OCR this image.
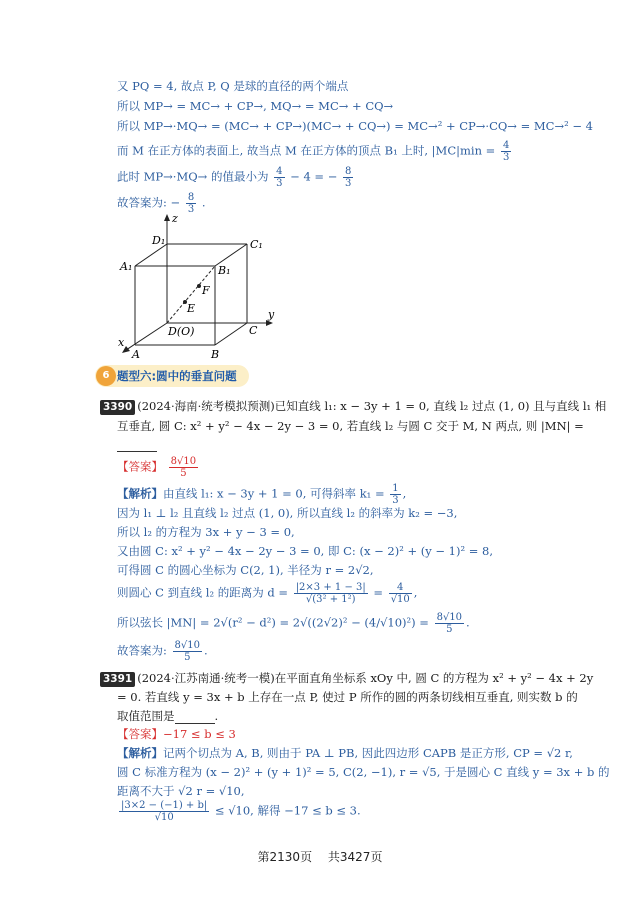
又 PQ = 4, 故点 P, Q 是球的直径的两个端点
所以 MP→ = MC→ + CP→, MQ→ = MC→ + CQ→
所以 MP→·MQ→ = (MC→ + CP→)(MC→ + CQ→) = MC→² + CP→·CQ→ = MC→² − 4
而 M 在正方体的表面上, 故当点 M 在正方体的顶点 B₁ 上时, $|MC|\min = \frac{4}{3}$
此时 MP→·MQ→ 的值最小为 $\frac{4}{3} - 4$ = − $\frac{8}{3}$
故答案为: − $\frac{8}{3}$ .
z
y
x
D₁	C₁
A₁	B₁
F
E
D(O)	C
A	B
题型六:圆中的垂直问题
6
3390 (2024·海南·统考模拟预测)已知直线 l₁: x − 3y + 1 = 0, 直线 l₂ 过点 (1, 0) 且与直线 l₁ 相
互垂直, 圆 C: x² + y² − 4x − 2y − 3 = 0, 若直线 l₂ 与圆 C 交于 M, N 两点, 则 |MN| =
【答案】 $\frac{8√10}{5}$
【解析】由直线 l₁: x − 3y + 1 = 0, 可得斜率 $k_1 = \frac{1}{3}$ ,
因为 l₁ ⊥ l₂ 且直线 l₂ 过点 (1, 0), 所以直线 l₂ 的斜率为 k₂ = −3,
所以 l₂ 的方程为 3x + y − 3 = 0,
又由圆 C: x² + y² − 4x − 2y − 3 = 0, 即 C: (x − 2)² + (y − 1)² = 8,
可得圆 C 的圆心坐标为 C(2, 1), 半径为 r = 2√2,
则圆心 C 到直线 l₂ 的距离为 $d = \frac{|2\times 3 + 1 - 3|}{\text{√(3² + 1²)}} = \frac{4}{√10}$ ,
所以弦长 $|MN| = 2√(r^2 - d^2) = 2√((2√2)^2 - (4/√10)^2) = \frac{8√10}{5}$ .
故答案为: $\frac{8√10}{5}$ .
3391 (2024·江苏南通·统考一模)在平面直角坐标系 xOy 中, 圆 C 的方程为 x² + y² − 4x + 2y
= 0. 若直线 y = 3x + b 上存在一点 P, 使过 P 所作的圆的两条切线相互垂直, 则实数 b 的
取值范围是	.
【答案】−17 ≤ b ≤ 3
【解析】记两个切点为 A, B, 则由于 PA ⊥ PB, 因此四边形 CAPB 是正方形, CP = √2 r,
圆 C 标准方程为 (x − 2)² + (y + 1)² = 5, C(2, −1), r = √5, 于是圆心 C 直线 y = 3x + b 的
距离不大于 √2 r = √10,
$\frac{|3\times 2 - (-1) + b|}{√10} \le √10$, 解得 −17 ≤ b ≤ 3.
第2130页 共3427页
